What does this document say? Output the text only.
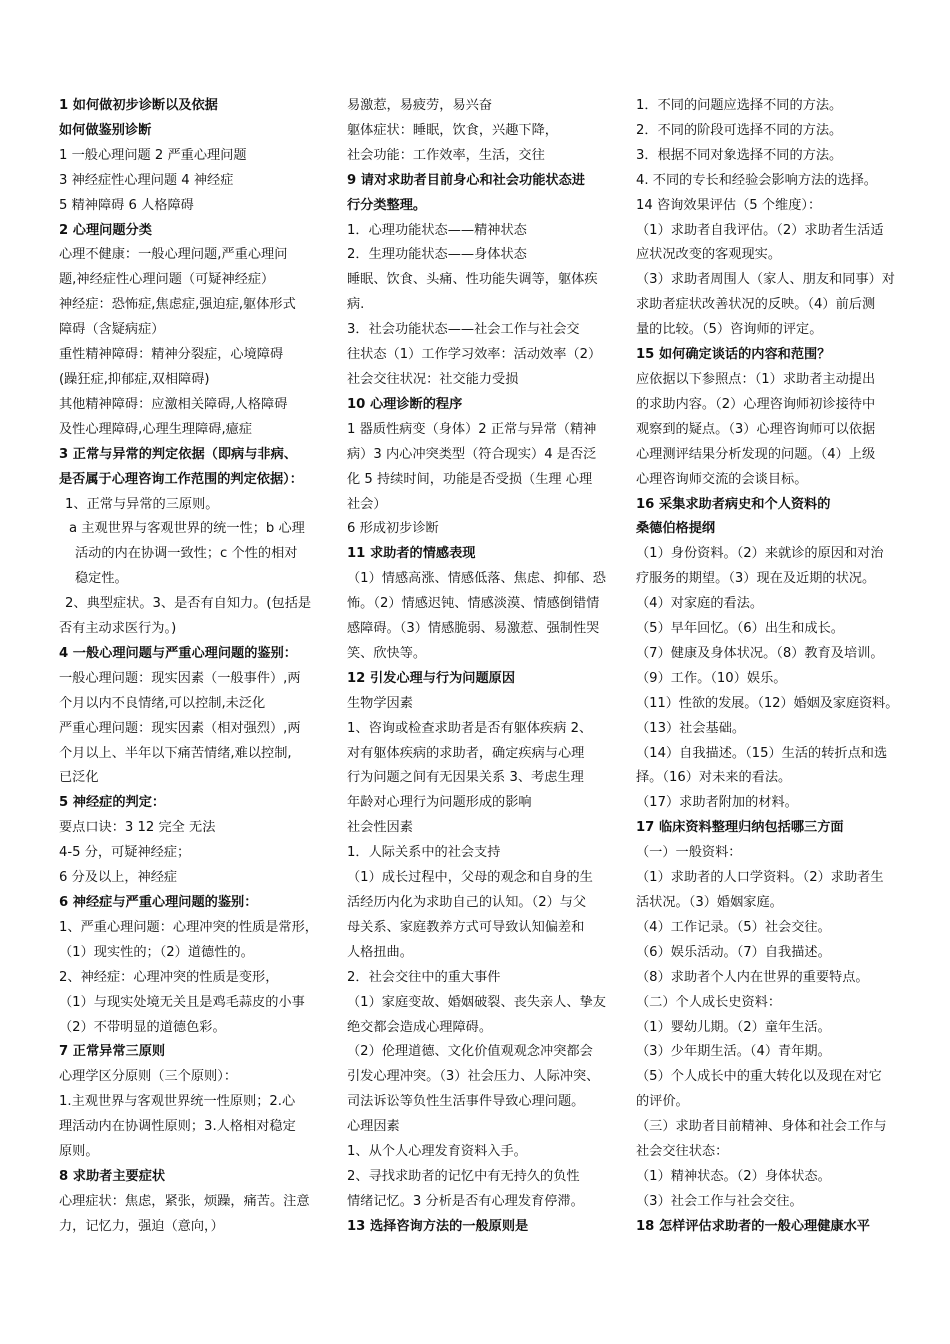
1 如何做初步诊断以及依据
如何做鉴别诊断
1 一般心理问题 2 严重心理问题
3 神经症性心理问题 4 神经症
5 精神障碍 6 人格障碍
2 心理问题分类
心理不健康：一般心理问题,严重心理问
题,神经症性心理问题（可疑神经症）
神经症：恐怖症,焦虑症,强迫症,躯体形式
障碍（含疑病症）
重性精神障碍：精神分裂症，心境障碍
(躁狂症,抑郁症,双相障碍)
其他精神障碍：应激相关障碍,人格障碍
及性心理障碍,心理生理障碍,癔症
3 正常与异常的判定依据（即病与非病、
是否属于心理咨询工作范围的判定依据）：
1、正常与异常的三原则。
a 主观世界与客观世界的统一性；b 心理
活动的内在协调一致性；c 个性的相对
稳定性。
2、典型症状。3、是否有自知力。(包括是
否有主动求医行为。)
4 一般心理问题与严重心理问题的鉴别：
一般心理问题：现实因素（一般事件）,两
个月以内不良情绪,可以控制,未泛化
严重心理问题：现实因素（相对强烈）,两
个月以上、半年以下痛苦情绪,难以控制,
已泛化
5 神经症的判定：
要点口诀：3 12 完全 无法
4-5 分，可疑神经症；
6 分及以上，神经症
6 神经症与严重心理问题的鉴别：
1、严重心理问题：心理冲突的性质是常形，
（1）现实性的；（2）道德性的。
2、神经症：心理冲突的性质是变形，
（1）与现实处境无关且是鸡毛蒜皮的小事
（2）不带明显的道德色彩。
7 正常异常三原则
心理学区分原则（三个原则）：
1.主观世界与客观世界统一性原则；2.心
理活动内在协调性原则；3.人格相对稳定
原则。
8 求助者主要症状
心理症状：焦虑，紧张，烦躁，痛苦。注意
力，记忆力，强迫（意向，）
易激惹，易疲劳，易兴奋
躯体症状：睡眠，饮食，兴趣下降，
社会功能：工作效率，生活，交往
9 请对求助者目前身心和社会功能状态进
行分类整理。
1．心理功能状态——精神状态
2．生理功能状态——身体状态
睡眠、饮食、头痛、性功能失调等，躯体疾
病.
3．社会功能状态——社会工作与社会交
往状态（1）工作学习效率：活动效率（2）
社会交往状况：社交能力受损
10 心理诊断的程序
1 器质性病变（身体）2 正常与异常（精神
病）3 内心冲突类型（符合现实）4 是否泛
化 5 持续时间，功能是否受损（生理 心理
社会）
6 形成初步诊断
11 求助者的情感表现
（1）情感高涨、情感低落、焦虑、抑郁、恐
怖。（2）情感迟钝、情感淡漠、情感倒错情
感障碍。（3）情感脆弱、易激惹、强制性哭
笑、欣快等。
12 引发心理与行为问题原因
生物学因素
1、咨询或检查求助者是否有躯体疾病 2、
对有躯体疾病的求助者，确定疾病与心理
行为问题之间有无因果关系 3、考虑生理
年龄对心理行为问题形成的影响
社会性因素
1．人际关系中的社会支持
（1）成长过程中，父母的观念和自身的生
活经历内化为求助自己的认知。（2）与父
母关系、家庭教养方式可导致认知偏差和
人格扭曲。
2．社会交往中的重大事件
（1）家庭变故、婚姻破裂、丧失亲人、挚友
绝交都会造成心理障碍。
（2）伦理道德、文化价值观观念冲突都会
引发心理冲突。（3）社会压力、人际冲突、
司法诉讼等负性生活事件导致心理问题。
心理因素
1、从个人心理发育资料入手。
2、寻找求助者的记忆中有无持久的负性
情绪记忆。3 分析是否有心理发育停滞。
13 选择咨询方法的一般原则是
1．不同的问题应选择不同的方法。
2．不同的阶段可选择不同的方法。
3．根据不同对象选择不同的方法。
4. 不同的专长和经验会影响方法的选择。
14 咨询效果评估（5 个维度）：
（1）求助者自我评估。（2）求助者生活适
应状况改变的客观现实。
（3）求助者周围人（家人、朋友和同事）对
求助者症状改善状况的反映。（4）前后测
量的比较。（5）咨询师的评定。
15 如何确定谈话的内容和范围？
应依据以下参照点：（1）求助者主动提出
的求助内容。（2）心理咨询师初诊接待中
观察到的疑点。（3）心理咨询师可以依据
心理测评结果分析发现的问题。（4）上级
心理咨询师交流的会谈目标。
16 采集求助者病史和个人资料的
桑德伯格提纲
（1）身份资料。（2）来就诊的原因和对治
疗服务的期望。（3）现在及近期的状况。
（4）对家庭的看法。
（5）早年回忆。（6）出生和成长。
（7）健康及身体状况。（8）教育及培训。
（9）工作。（10）娱乐。
（11）性欲的发展。（12）婚姻及家庭资料。
（13）社会基础。
（14）自我描述。（15）生活的转折点和选
择。（16）对未来的看法。
（17）求助者附加的材料。
17 临床资料整理归纳包括哪三方面
（一）一般资料：
（1）求助者的人口学资料。（2）求助者生
活状况。（3）婚姻家庭。
（4）工作记录。（5）社会交往。
（6）娱乐活动。（7）自我描述。
（8）求助者个人内在世界的重要特点。
（二）个人成长史资料：
（1）婴幼儿期。（2）童年生活。
（3）少年期生活。（4）青年期。
（5）个人成长中的重大转化以及现在对它
的评价。
（三）求助者目前精神、身体和社会工作与
社会交往状态：
（1）精神状态。（2）身体状态。
（3）社会工作与社会交往。
18 怎样评估求助者的一般心理健康水平
